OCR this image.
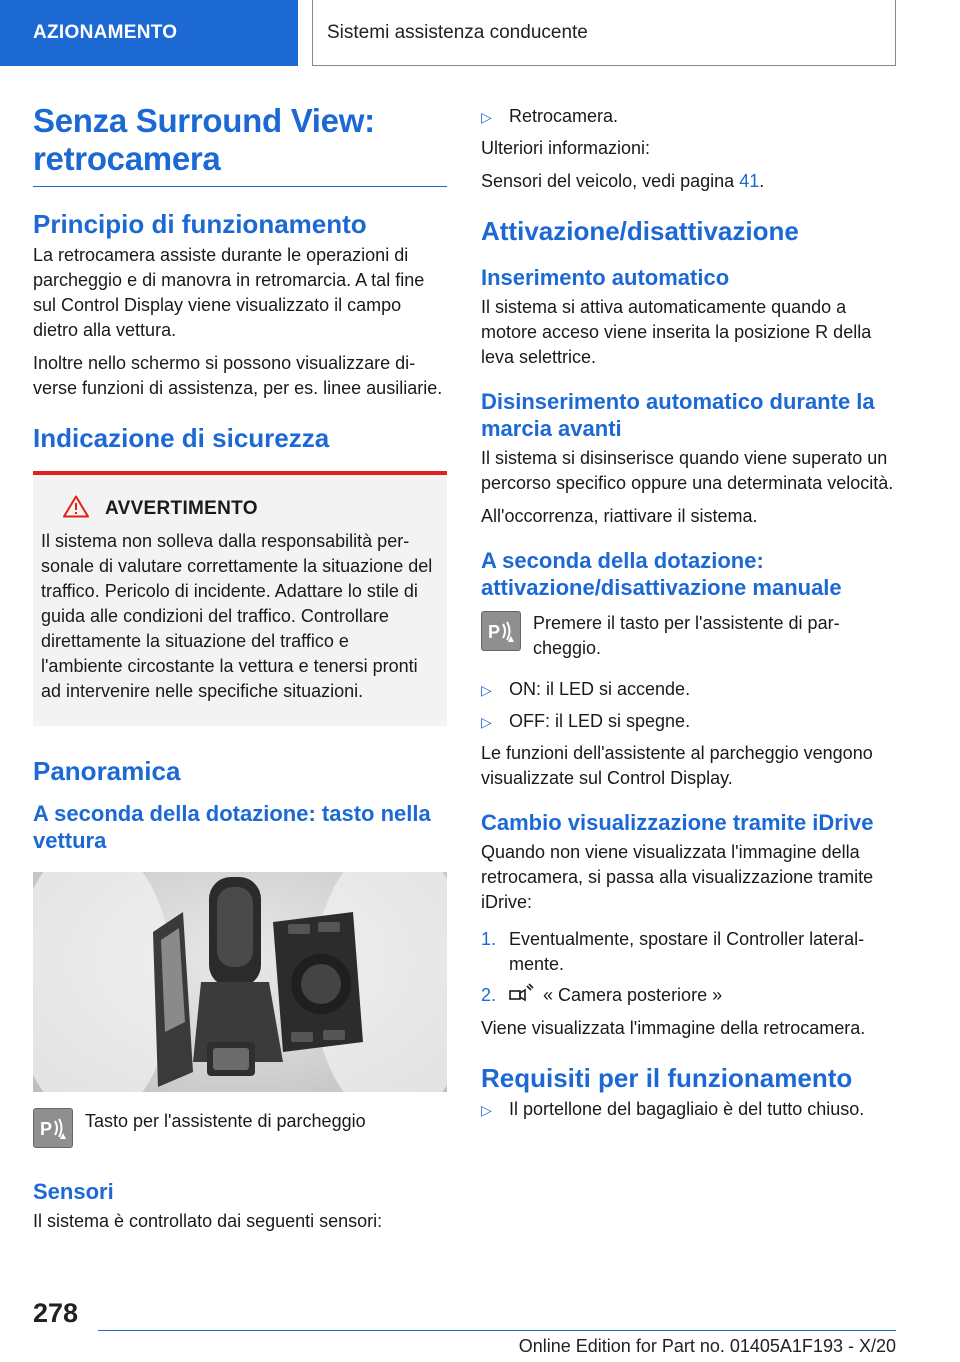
AZIONAMENTO	Sistemi assistenza conducente
Senza Surround View: retrocamera
Principio di funzionamento

La retrocamera assiste durante le operazioni di parcheggio e di manovra in retromarcia. A tal fine sul Control Display viene visualizzato il campo dietro alla vettura.

Inoltre nello schermo si possono visualizzare diverse funzioni di assistenza, per es. linee ausiliarie.

Indicazione di sicurezza
AVVERTIMENTO

Il sistema non solleva dalla responsabilità personale di valutare correttamente la situazione del traffico. Pericolo di incidente. Adattare lo stile di guida alle condizioni del traffico. Controllare direttamente la situazione del traffico e l'ambiente circostante la vettura e tenersi pronti ad intervenire nelle specifiche situazioni.

Panoramica
A seconda della dotazione: tasto nella vettura
P Tasto per l'assistente di parcheggio
Sensori

Il sistema è controllato dai seguenti sensori:

▷ Retrocamera.

Ulteriori informazioni:

Sensori del veicolo, vedi pagina 41.

Attivazione/disattivazione
Inserimento automatico

Il sistema si attiva automaticamente quando a motore acceso viene inserita la posizione R della leva selettrice.

Disinserimento automatico durante la marcia avanti

Il sistema si disinserisce quando viene superato un percorso specifico oppure una determinata velocità.

All'occorrenza, riattivare il sistema.

A seconda della dotazione: attivazione/disattivazione manuale
P Premere il tasto per l'assistente di parcheggio.
▷ ON: il LED si accende.
▷ OFF: il LED si spegne.

Le funzioni dell'assistente al parcheggio vengono visualizzate sul Control Display.

Cambio visualizzazione tramite iDrive

Quando non viene visualizzata l'immagine della retrocamera, si passa alla visualizzazione tramite iDrive:

1. Eventualmente, spostare il Controller lateralmente.
2.	« Camera posteriore »

Viene visualizzata l'immagine della retrocamera.

Requisiti per il funzionamento
▷ Il portellone del bagagliaio è del tutto chiuso.
278
Online Edition for Part no. 01405A1F193 - X/20
